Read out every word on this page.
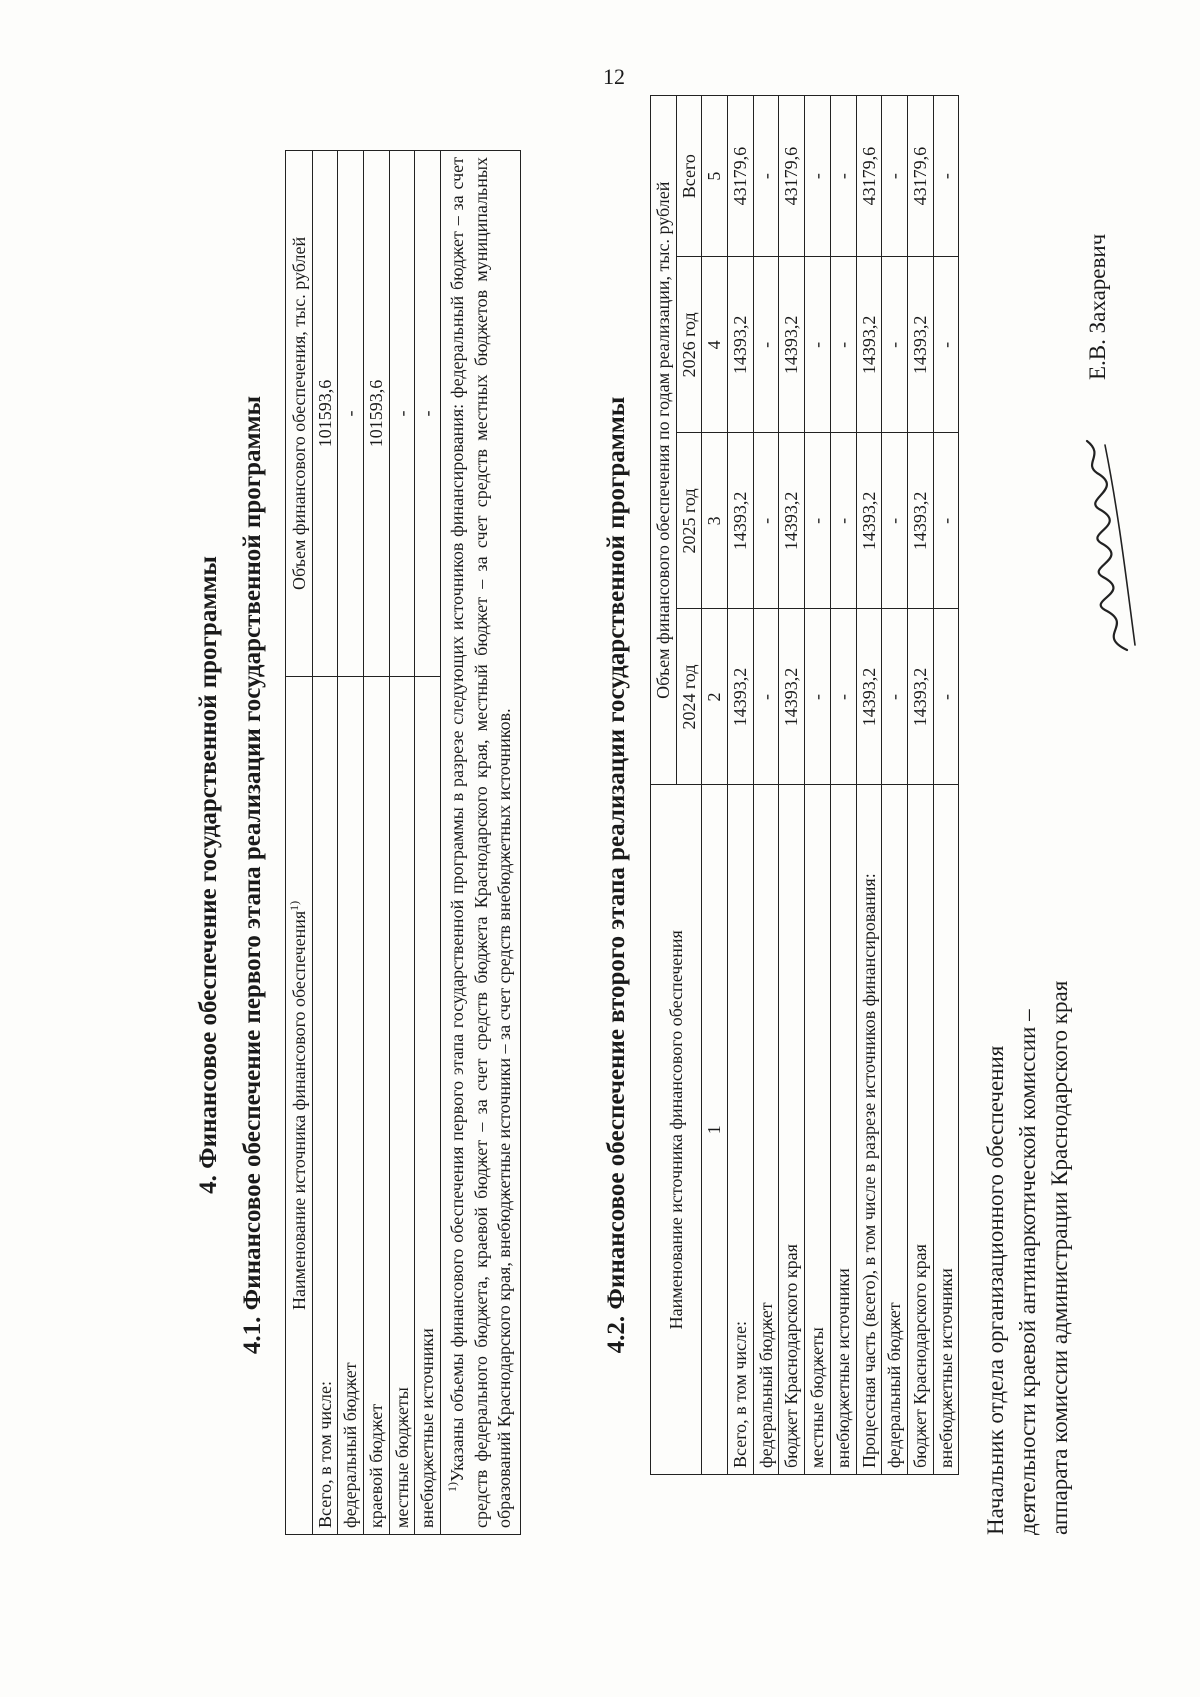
12
4. Финансовое обеспечение государственной программы 4.1. Финансовое обеспечение первого этапа реализации государственной программы Наименование источника финансового обеспечения$^{1)}$	Объем финансового обеспечения, тыс. рублей
Всего, в том числе:	101593,6
федеральный бюджет	-
краевой бюджет	101593,6
местные бюджеты	-
внебюджетные источники	-
  $^{1)}$Указаны объемы финансового обеспечения первого этапа государственной программы в разрезе следующих источников финансирования: федеральный бюджет – за счет средств федерального бюджета, краевой бюджет – за счет средств бюджета Краснодарского края, местный бюджет – за счет средств местных бюджетов муниципальных образований Краснодарского края, внебюджетные источники – за счет средств внебюджетных источников.		4.2. Финансовое обеспечение второго этапа реализации государственной программы Наименование источника финансового обеспечения	Объем финансового обеспечения по годам реализации, тыс. рублей			
	2024 год	2025 год	2026 год	Всего
1	2	3	4	5
Всего, в том числе:	14393,2	14393,2	14393,2	43179,6
федеральный бюджет	-	-	-	-
бюджет Краснодарского края	14393,2	14393,2	14393,2	43179,6
местные бюджеты	-	-	-	-
внебюджетные источники	-	-	-	-
Процессная часть (всего), в том числе в разрезе источников финансирования:	14393,2	14393,2	14393,2	43179,6
федеральный бюджет	-	-	-	-
бюджет Краснодарского края	14393,2	14393,2	14393,2	43179,6
внебюджетные источники	-	-	-	-
Начальник отдела организационного обеспечения деятельности краевой антинаркотической комиссии – аппарата комиссии администрации Краснодарского края
Е.В. Захаревич
